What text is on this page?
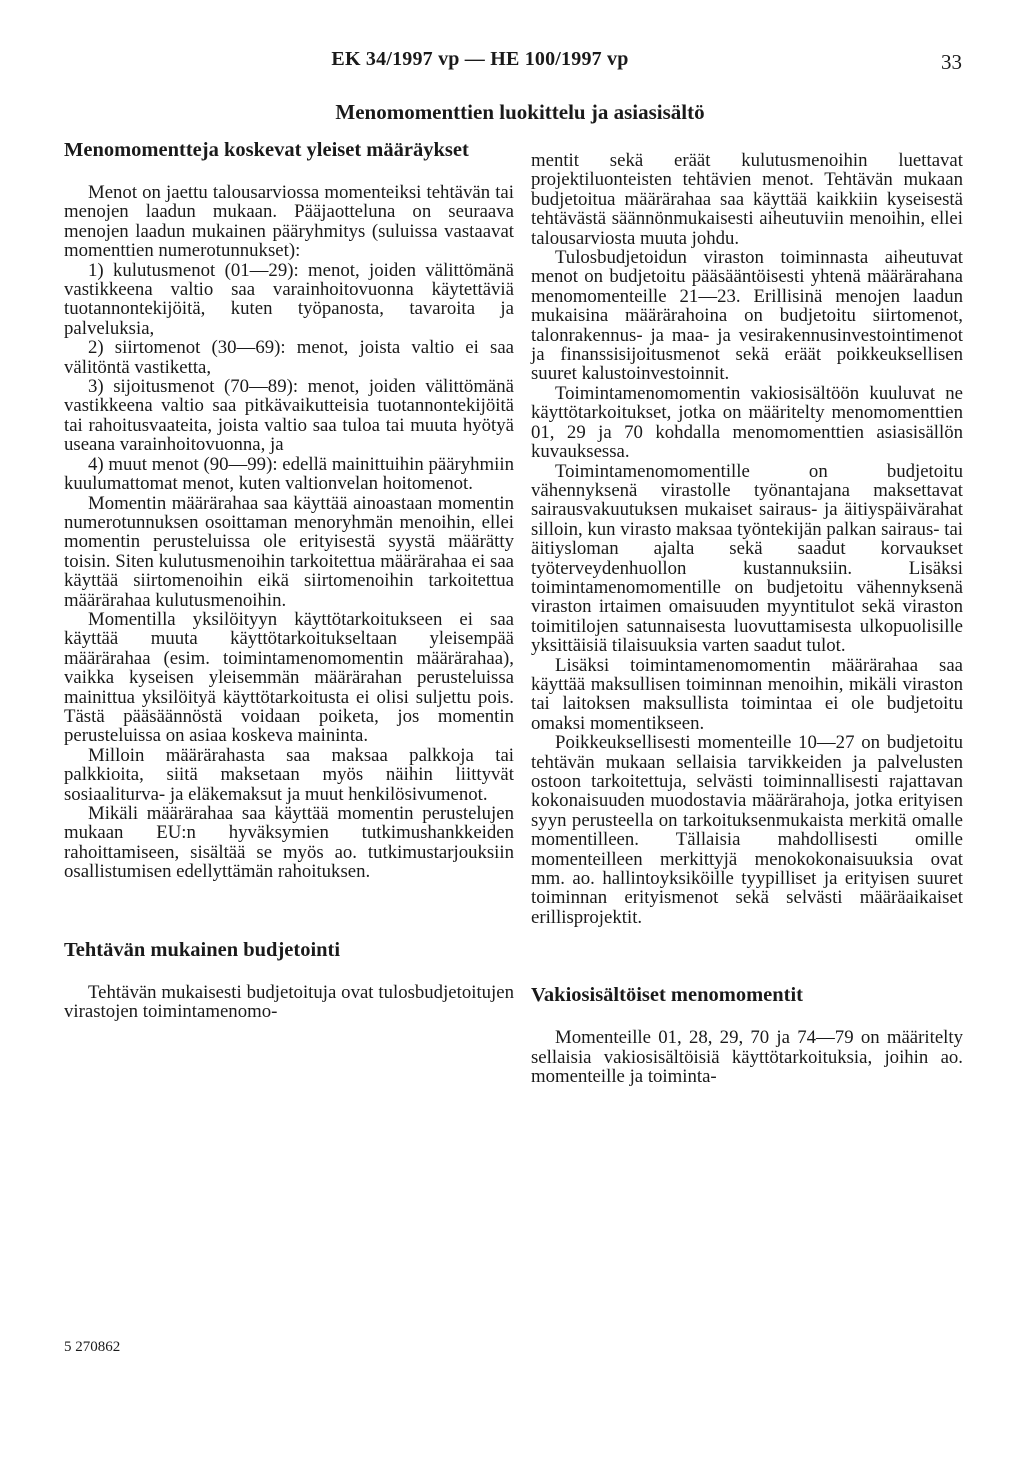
EK 34/1997 vp — HE 100/1997 vp	33
Menomomenttien luokittelu ja asiasisältö
Menomomentteja koskevat yleiset määräykset

Menot on jaettu talousarviossa momenteiksi tehtävän tai menojen laadun mukaan. Pääjaotteluna on seuraava menojen laadun mukainen pääryhmitys (suluissa vastaavat momenttien numerotunnukset):

1) kulutusmenot (01—29): menot, joiden välittömänä vastikkeena valtio saa varainhoitovuonna käytettäviä tuotannontekijöitä, kuten työpanosta, tavaroita ja palveluksia,

2) siirtomenot (30—69): menot, joista valtio ei saa välitöntä vastiketta,

3) sijoitusmenot (70—89): menot, joiden välittömänä vastikkeena valtio saa pitkävaikutteisia tuotannontekijöitä tai rahoitusvaateita, joista valtio saa tuloa tai muuta hyötyä useana varainhoitovuonna, ja

4) muut menot (90—99): edellä mainittuihin pääryhmiin kuulumattomat menot, kuten valtionvelan hoitomenot.

Momentin määrärahaa saa käyttää ainoastaan momentin numerotunnuksen osoittaman menoryhmän menoihin, ellei momentin perusteluissa ole erityisestä syystä määrätty toisin. Siten kulutusmenoihin tarkoitettua määrärahaa ei saa käyttää siirtomenoihin eikä siirtomenoihin tarkoitettua määrärahaa kulutusmenoihin.

Momentilla yksilöityyn käyttötarkoitukseen ei saa käyttää muuta käyttötarkoitukseltaan yleisempää määrärahaa (esim. toimintamenomomentin määrärahaa), vaikka kyseisen yleisemmän määrärahan perusteluissa mainittua yksilöityä käyttötarkoitusta ei olisi suljettu pois. Tästä pääsäännöstä voidaan poiketa, jos momentin perusteluissa on asiaa koskeva maininta.

Milloin määrärahasta saa maksaa palkkoja tai palkkioita, siitä maksetaan myös näihin liittyvät sosiaaliturva- ja eläkemaksut ja muut henkilösivumenot.

Mikäli määrärahaa saa käyttää momentin perustelujen mukaan EU:n hyväksymien tutkimushankkeiden rahoittamiseen, sisältää se myös ao. tutkimustarjouksiin osallistumisen edellyttämän rahoituksen.

Tehtävän mukainen budjetointi

Tehtävän mukaisesti budjetoituja ovat tulosbudjetoitujen virastojen toimintamenomo-

mentit sekä eräät kulutusmenoihin luettavat projektiluonteisten tehtävien menot. Tehtävän mukaan budjetoitua määrärahaa saa käyttää kaikkiin kyseisestä tehtävästä säännönmukaisesti aiheutuviin menoihin, ellei talousarviosta muuta johdu.

Tulosbudjetoidun viraston toiminnasta aiheutuvat menot on budjetoitu pääsääntöisesti yhtenä määrärahana menomomenteille 21—23. Erillisinä menojen laadun mukaisina määrärahoina on budjetoitu siirtomenot, talonrakennus- ja maa- ja vesirakennusinvestointimenot ja finanssisijoitusmenot sekä eräät poikkeuksellisen suuret kalustoinvestoinnit.

Toimintamenomomentin vakiosisältöön kuuluvat ne käyttötarkoitukset, jotka on määritelty menomomenttien 01, 29 ja 70 kohdalla menomomenttien asiasisällön kuvauksessa.

Toimintamenomomentille on budjetoitu vähennyksenä virastolle työnantajana maksettavat sairausvakuutuksen mukaiset sairaus- ja äitiyspäivärahat silloin, kun virasto maksaa työntekijän palkan sairaus- tai äitiysloman ajalta sekä saadut korvaukset työterveydenhuollon kustannuksiin. Lisäksi toimintamenomomentille on budjetoitu vähennyksenä viraston irtaimen omaisuuden myyntitulot sekä viraston toimitilojen satunnaisesta luovuttamisesta ulkopuolisille yksittäisiä tilaisuuksia varten saadut tulot.

Lisäksi toimintamenomomentin määrärahaa saa käyttää maksullisen toiminnan menoihin, mikäli viraston tai laitoksen maksullista toimintaa ei ole budjetoitu omaksi momentikseen.

Poikkeuksellisesti momenteille 10—27 on budjetoitu tehtävän mukaan sellaisia tarvikkeiden ja palvelusten ostoon tarkoitettuja, selvästi toiminnallisesti rajattavan kokonaisuuden muodostavia määrärahoja, jotka erityisen syyn perusteella on tarkoituksenmukaista merkitä omalle momentilleen. Tällaisia mahdollisesti omille momenteilleen merkittyjä menokokonaisuuksia ovat mm. ao. hallintoyksiköille tyypilliset ja erityisen suuret toiminnan erityismenot sekä selvästi määräaikaiset erillisprojektit.

Vakiosisältöiset menomomentit

Momenteille 01, 28, 29, 70 ja 74—79 on määritelty sellaisia vakiosisältöisiä käyttötarkoituksia, joihin ao. momenteille ja toiminta-

5 270862
